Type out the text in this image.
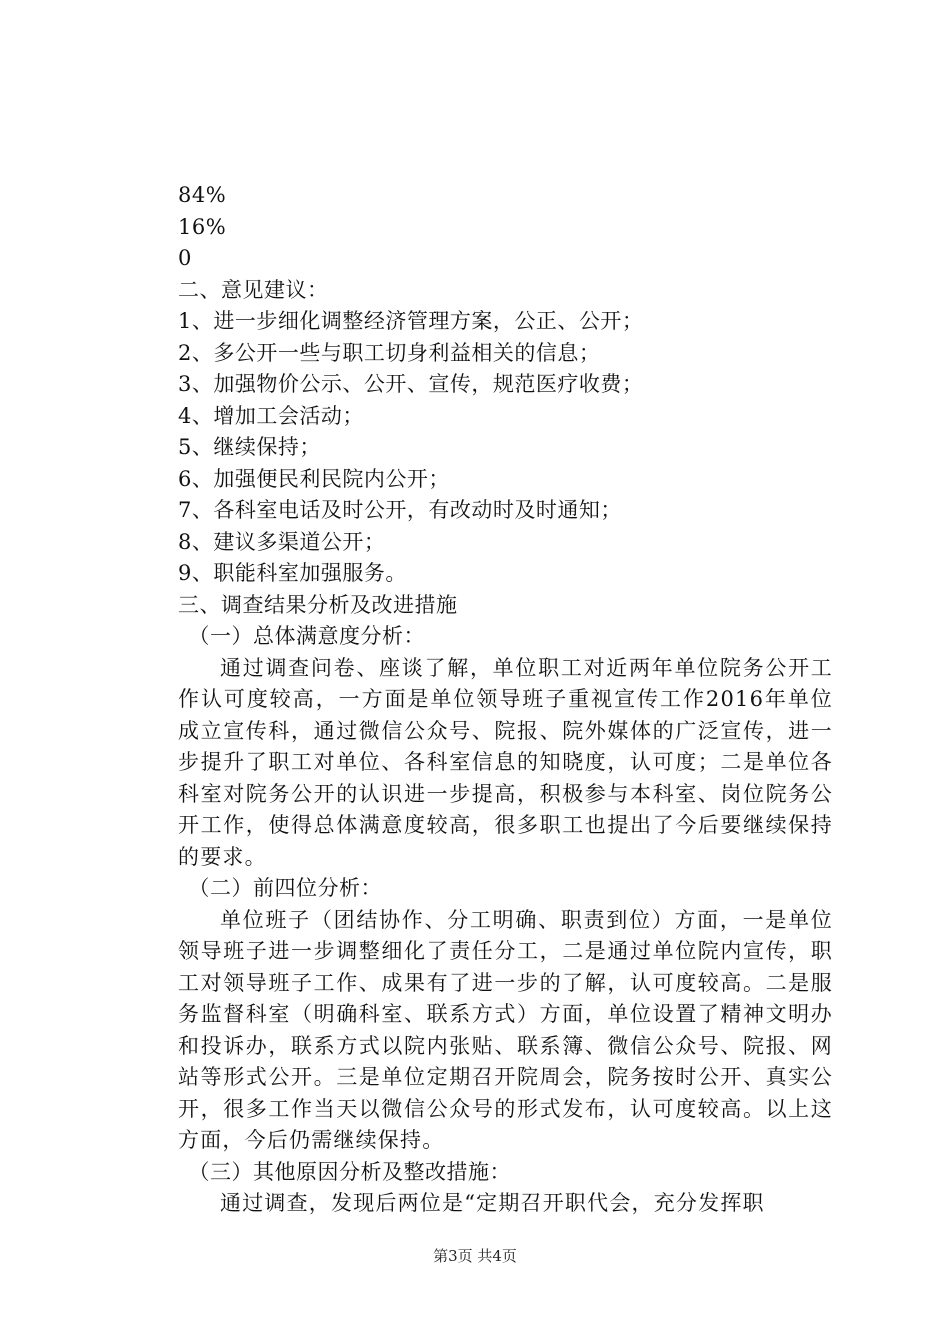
84%
16%
0
二、意见建议：
1、进一步细化调整经济管理方案，公正、公开；
2、多公开一些与职工切身利益相关的信息；
3、加强物价公示、公开、宣传，规范医疗收费；
4、增加工会活动；
5、继续保持；
6、加强便民利民院内公开；
7、各科室电话及时公开，有改动时及时通知；
8、建议多渠道公开；
9、职能科室加强服务。
三、调查结果分析及改进措施
（一）总体满意度分析：
通过调查问卷、座谈了解，单位职工对近两年单位院务公开工作认可度较高，一方面是单位领导班子重视宣传工作2016年单位成立宣传科，通过微信公众号、院报、院外媒体的广泛宣传，进一步提升了职工对单位、各科室信息的知晓度，认可度；二是单位各科室对院务公开的认识进一步提高，积极参与本科室、岗位院务公开工作，使得总体满意度较高，很多职工也提出了今后要继续保持的要求。
（二）前四位分析：
单位班子（团结协作、分工明确、职责到位）方面，一是单位领导班子进一步调整细化了责任分工，二是通过单位院内宣传，职工对领导班子工作、成果有了进一步的了解，认可度较高。二是服务监督科室（明确科室、联系方式）方面，单位设置了精神文明办和投诉办，联系方式以院内张贴、联系簿、微信公众号、院报、网站等形式公开。三是单位定期召开院周会，院务按时公开、真实公开，很多工作当天以微信公众号的形式发布，认可度较高。以上这方面，今后仍需继续保持。
（三）其他原因分析及整改措施：
通过调查，发现后两位是“定期召开职代会，充分发挥职
第3页 共4页
